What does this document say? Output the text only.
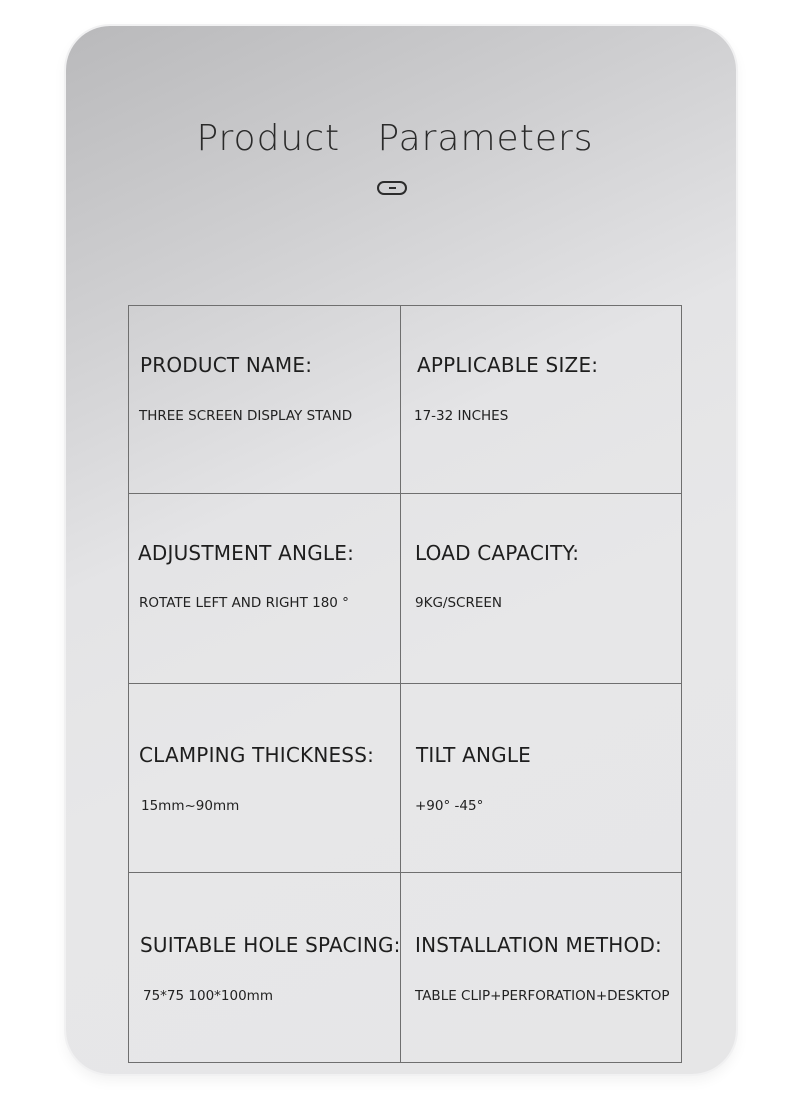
Product   Parameters
PRODUCT NAME:
THREE SCREEN DISPLAY STAND
APPLICABLE SIZE:
17-32 INCHES
ADJUSTMENT ANGLE:
ROTATE LEFT AND RIGHT 180 °
LOAD CAPACITY:
9KG/SCREEN
CLAMPING THICKNESS:
15mm~90mm
TILT ANGLE
+90° -45°
SUITABLE HOLE SPACING:
75*75 100*100mm
INSTALLATION METHOD:
TABLE CLIP+PERFORATION+DESKTOP
